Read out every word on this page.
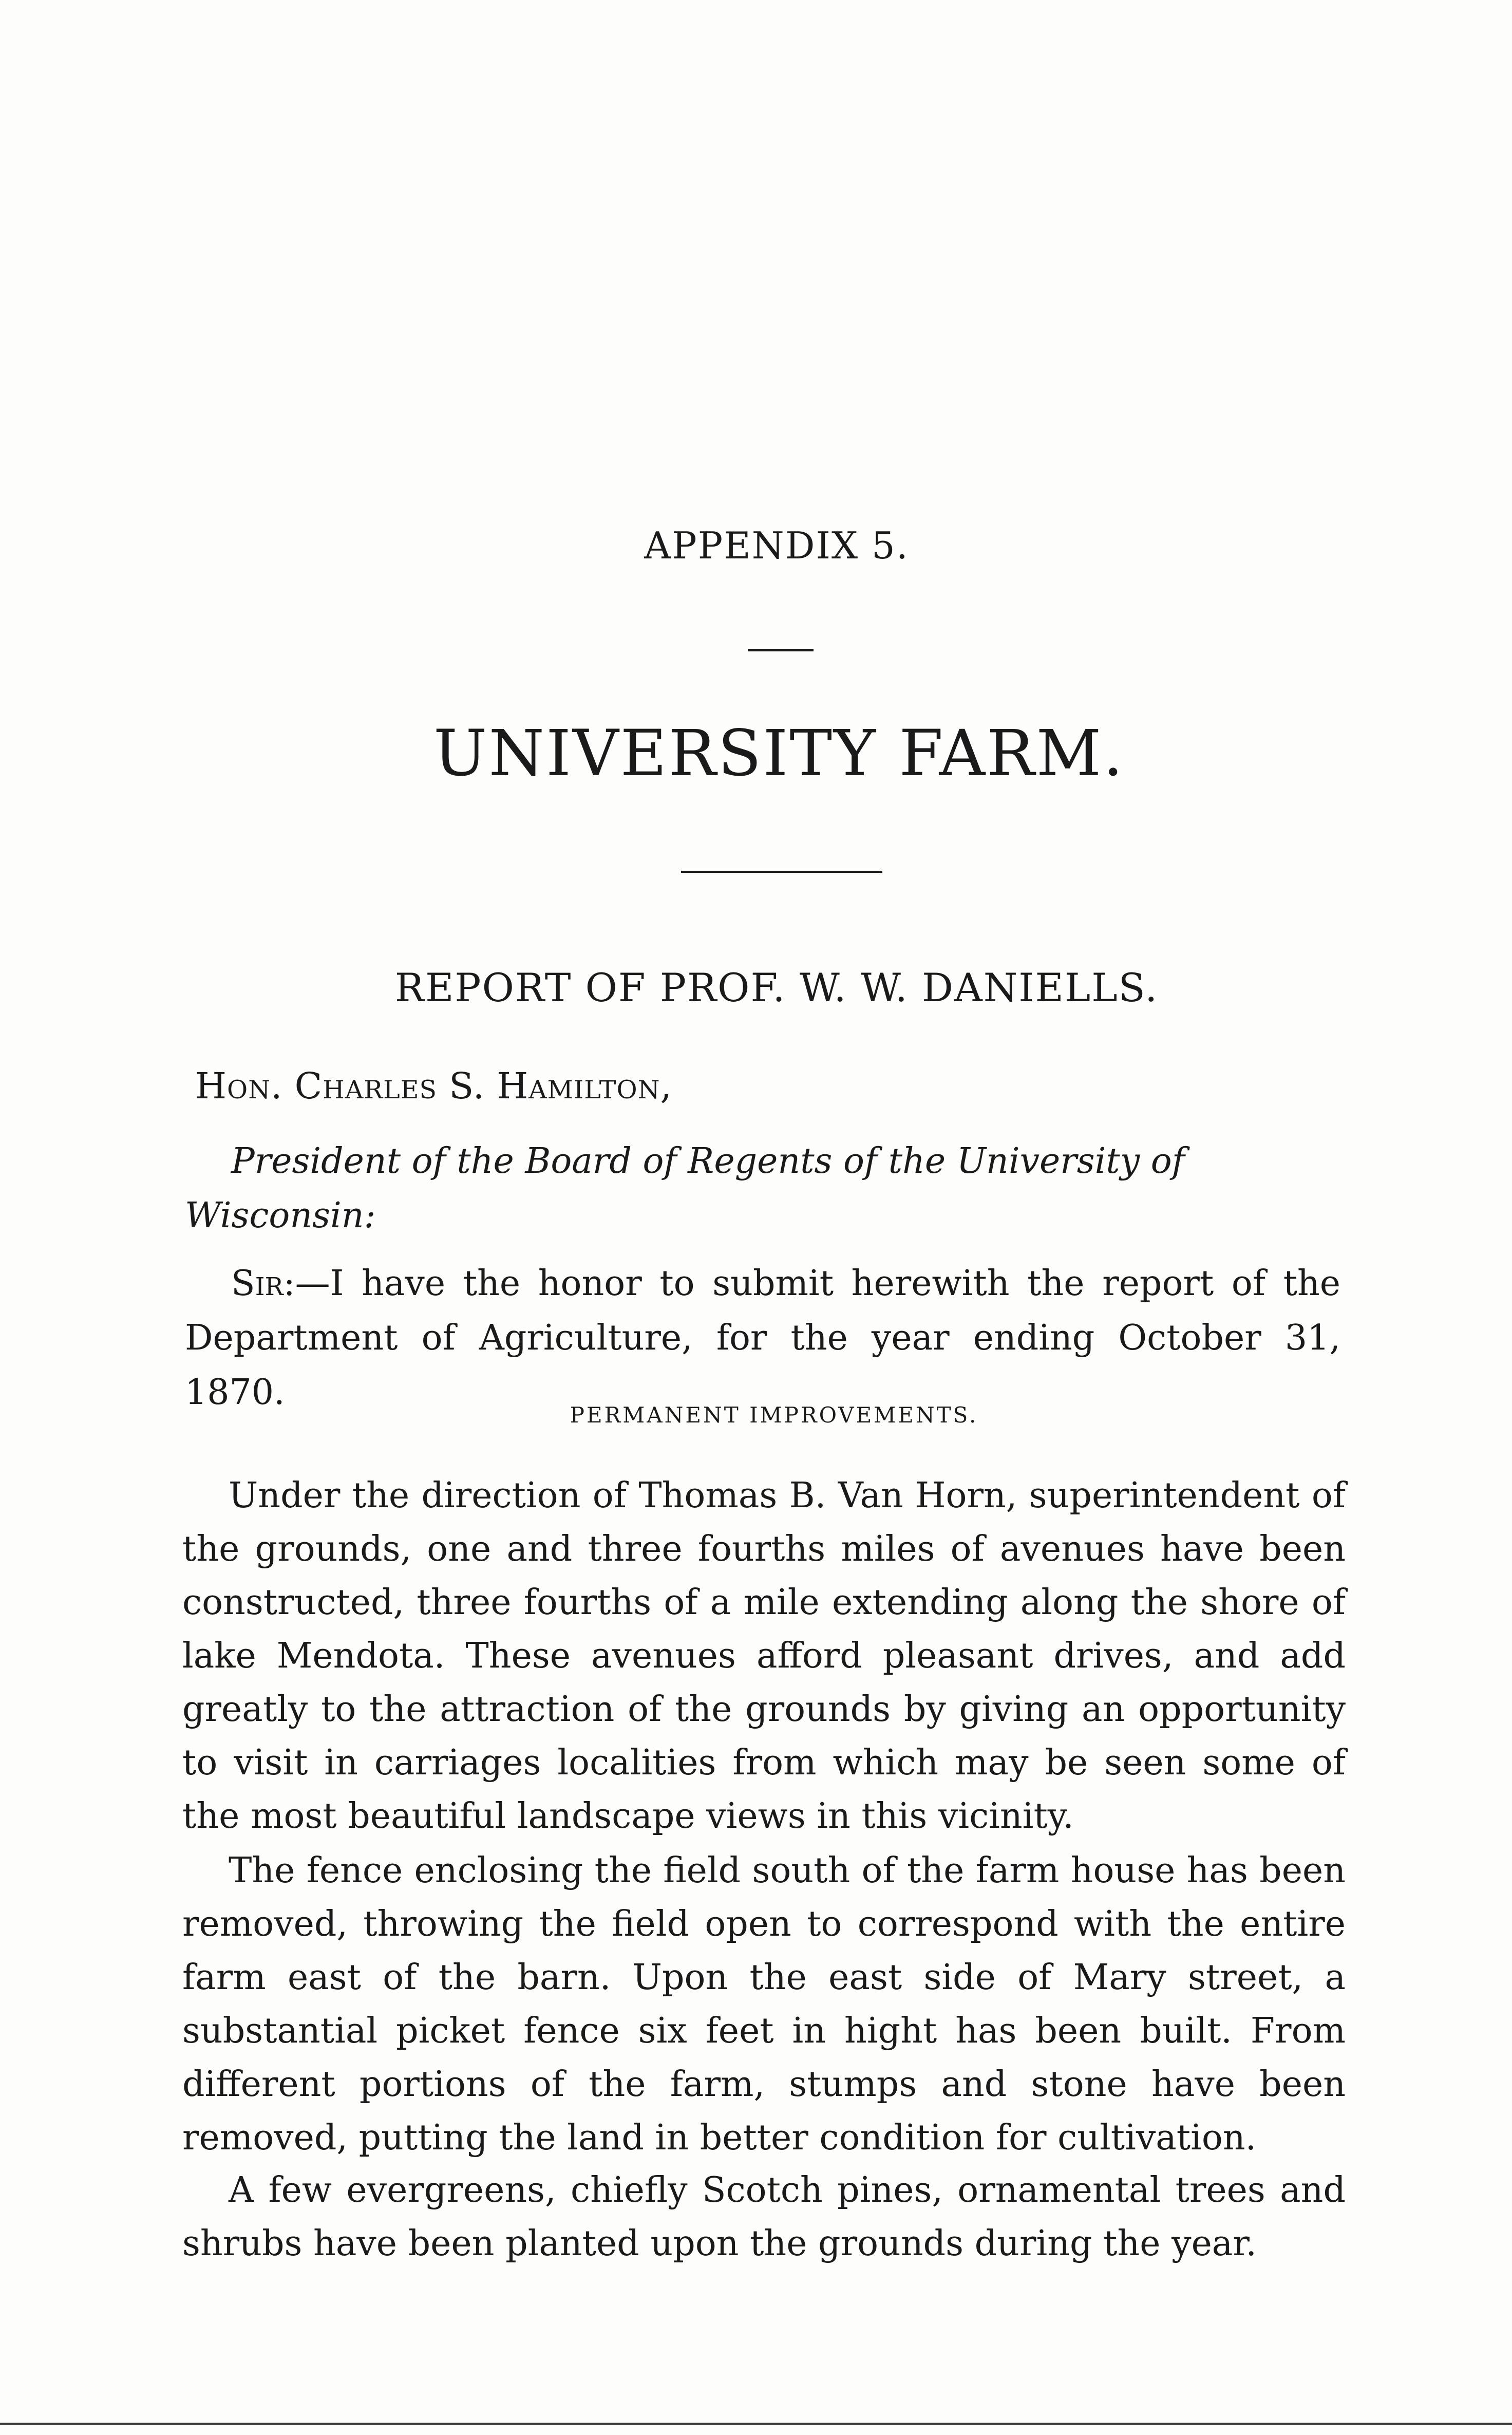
APPENDIX 5.
UNIVERSITY FARM.
REPORT OF PROF. W. W. DANIELLS.
Hon. Charles S. Hamilton,
President of the Board of Regents of the University of Wisconsin:
Sir:—I have the honor to submit herewith the report of the Department of Agriculture, for the year ending October 31, 1870.
PERMANENT IMPROVEMENTS.
Under the direction of Thomas B. Van Horn, superintendent of the grounds, one and three fourths miles of avenues have been constructed, three fourths of a mile extending along the shore of lake Mendota. These avenues afford pleasant drives, and add greatly to the attraction of the grounds by giving an opportunity to visit in carriages localities from which may be seen some of the most beautiful landscape views in this vicinity.
The fence enclosing the field south of the farm house has been removed, throwing the field open to correspond with the entire farm east of the barn. Upon the east side of Mary street, a substantial picket fence six feet in hight has been built. From different portions of the farm, stumps and stone have been removed, putting the land in better condition for cultivation.
A few evergreens, chiefly Scotch pines, ornamental trees and shrubs have been planted upon the grounds during the year.
